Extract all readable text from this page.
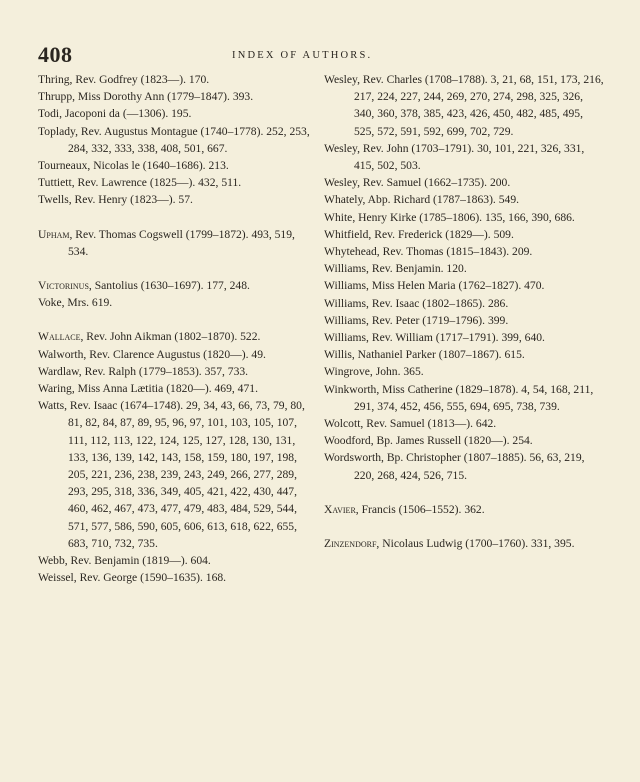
408	INDEX OF AUTHORS.
Thring, Rev. Godfrey (1823—). 170.
Thrupp, Miss Dorothy Ann (1779–1847). 393.
Todi, Jacoponi da (—1306). 195.
Toplady, Rev. Augustus Montague (1740–1778). 252, 253, 284, 332, 333, 338, 408, 501, 667.
Tourneaux, Nicolas le (1640–1686). 213.
Tuttiett, Rev. Lawrence (1825—). 432, 511.
Twells, Rev. Henry (1823—). 57.
Upham, Rev. Thomas Cogswell (1799–1872). 493, 519, 534.
Victorinus, Santolius (1630–1697). 177, 248.
Voke, Mrs. 619.
Wallace, Rev. John Aikman (1802–1870). 522.
Walworth, Rev. Clarence Augustus (1820—). 49.
Wardlaw, Rev. Ralph (1779–1853). 357, 733.
Waring, Miss Anna Lætitia (1820—). 469, 471.
Watts, Rev. Isaac (1674–1748). 29, 34, 43, 66, 73, 79, 80, 81, 82, 84, 87, 89, 95, 96, 97, 101, 103, 105, 107, 111, 112, 113, 122, 124, 125, 127, 128, 130, 131, 133, 136, 139, 142, 143, 158, 159, 180, 197, 198, 205, 221, 236, 238, 239, 243, 249, 266, 277, 289, 293, 295, 318, 336, 349, 405, 421, 422, 430, 447, 460, 462, 467, 473, 477, 479, 483, 484, 529, 544, 571, 577, 586, 590, 605, 606, 613, 618, 622, 655, 683, 710, 732, 735.
Webb, Rev. Benjamin (1819—). 604.
Weissel, Rev. George (1590–1635). 168.
Wesley, Rev. Charles (1708–1788). 3, 21, 68, 151, 173, 216, 217, 224, 227, 244, 269, 270, 274, 298, 325, 326, 340, 360, 378, 385, 423, 426, 450, 482, 485, 495, 525, 572, 591, 592, 699, 702, 729.
Wesley, Rev. John (1703–1791). 30, 101, 221, 326, 331, 415, 502, 503.
Wesley, Rev. Samuel (1662–1735). 200.
Whately, Abp. Richard (1787–1863). 549.
White, Henry Kirke (1785–1806). 135, 166, 390, 686.
Whitfield, Rev. Frederick (1829—). 509.
Whytehead, Rev. Thomas (1815–1843). 209.
Williams, Rev. Benjamin. 120.
Williams, Miss Helen Maria (1762–1827). 470.
Williams, Rev. Isaac (1802–1865). 286.
Williams, Rev. Peter (1719–1796). 399.
Williams, Rev. William (1717–1791). 399, 640.
Willis, Nathaniel Parker (1807–1867). 615.
Wingrove, John. 365.
Winkworth, Miss Catherine (1829–1878). 4, 54, 168, 211, 291, 374, 452, 456, 555, 694, 695, 738, 739.
Wolcott, Rev. Samuel (1813—). 642.
Woodford, Bp. James Russell (1820—). 254.
Wordsworth, Bp. Christopher (1807–1885). 56, 63, 219, 220, 268, 424, 526, 715.
Xavier, Francis (1506–1552). 362.
Zinzendorf, Nicolaus Ludwig (1700–1760). 331, 395.
